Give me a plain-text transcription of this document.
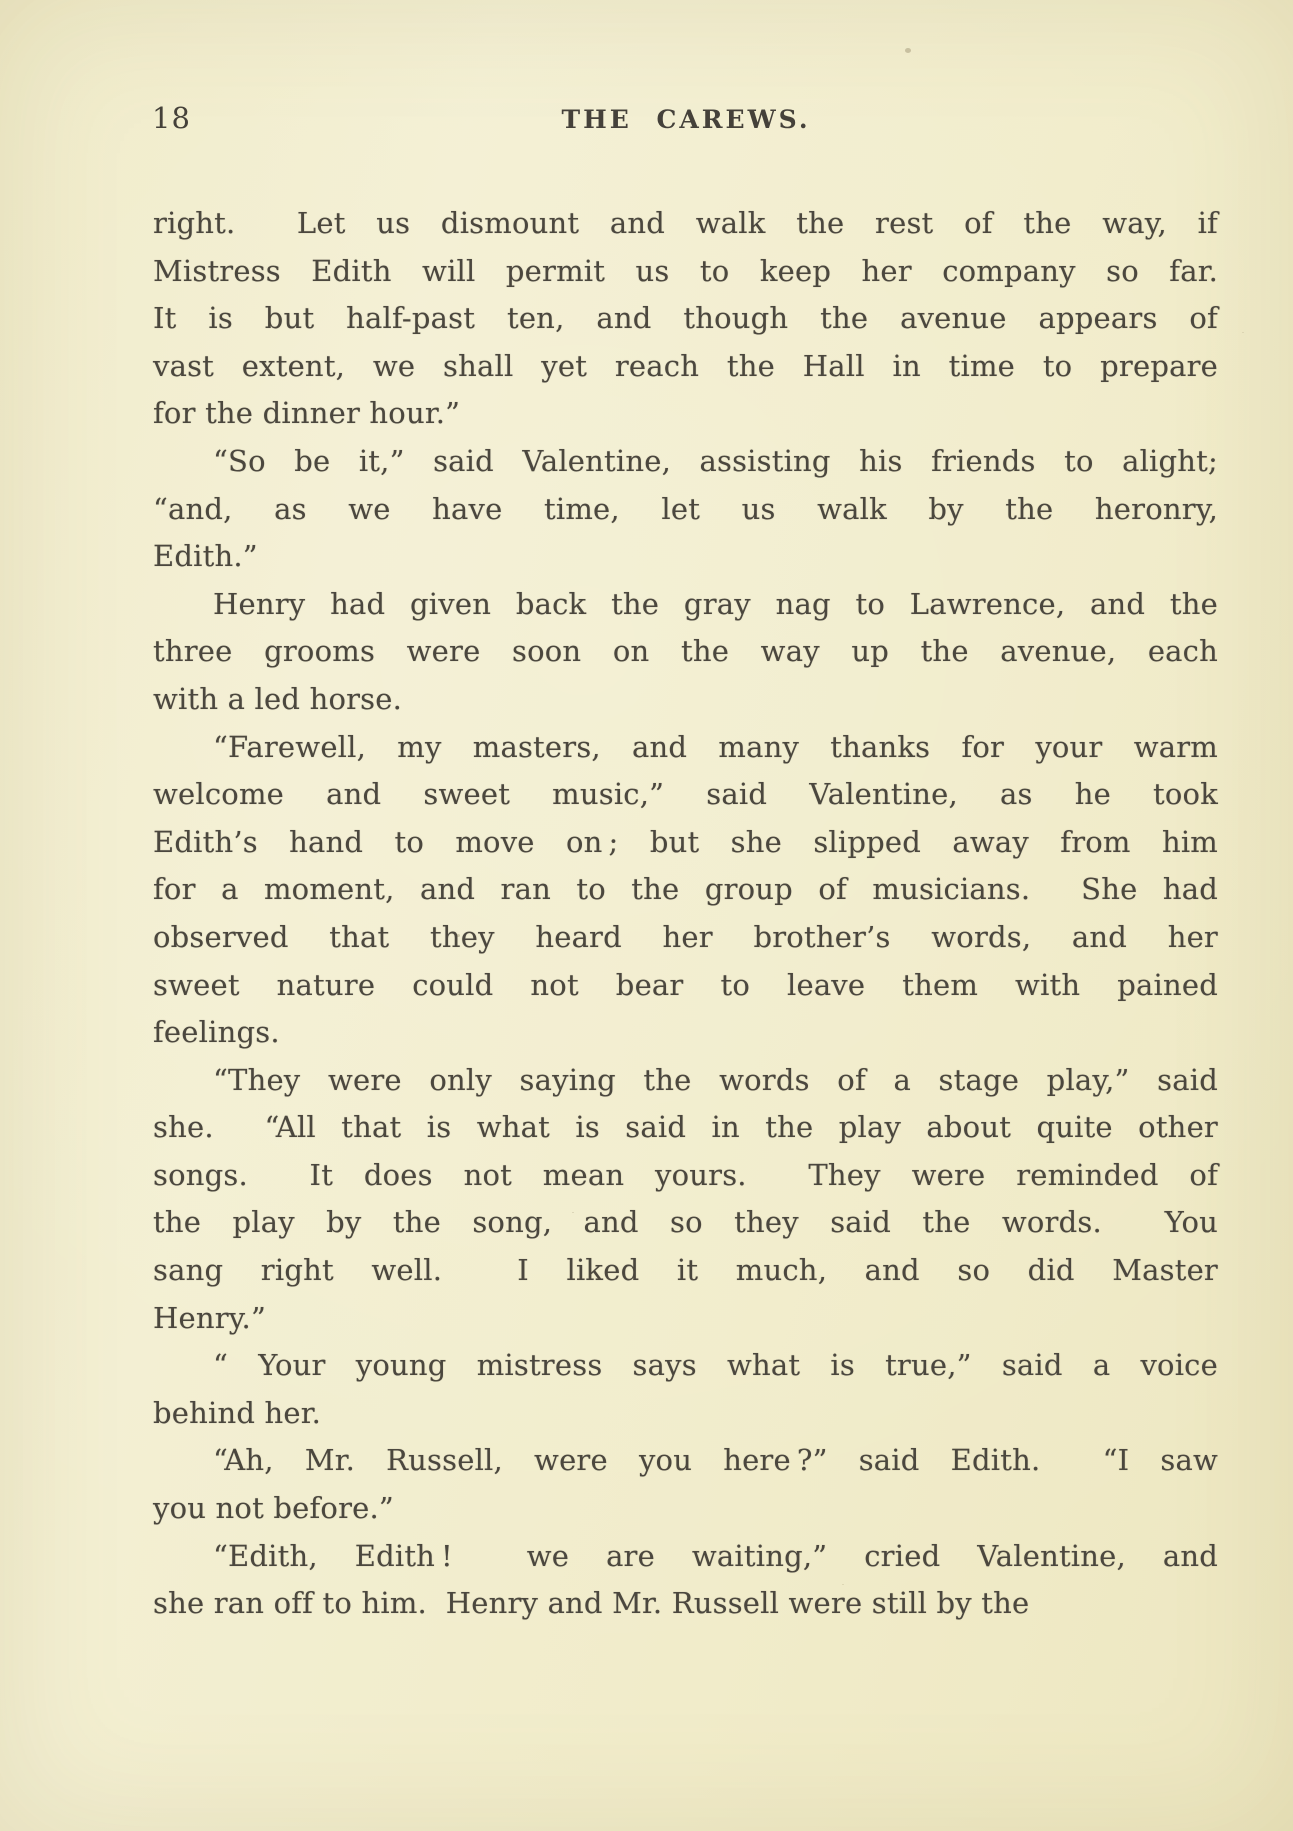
18	THE CAREWS.
right.  Let us dismount and walk the rest of the way, if
Mistress Edith will permit us to keep her company so far.
It is but half-past ten, and though the avenue appears of
vast extent, we shall yet reach the Hall in time to prepare
for the dinner hour.”
“So be it,” said Valentine, assisting his friends to alight;
“and, as we have time, let us walk by the heronry,
Edith.”
Henry had given back the gray nag to Lawrence, and the
three grooms were soon on the way up the avenue, each
with a led horse.
“Farewell, my masters, and many thanks for your warm
welcome and sweet music,” said Valentine, as he took
Edith’s hand to move on ; but she slipped away from him
for a moment, and ran to the group of musicians.  She had
observed that they heard her brother’s words, and her
sweet nature could not bear to leave them with pained
feelings.
“They were only saying the words of a stage play,” said
she.  “All that is what is said in the play about quite other
songs.  It does not mean yours.  They were reminded of
the play by the song, and so they said the words.  You
sang right well.  I liked it much, and so did Master
Henry.”
“ Your young mistress says what is true,” said a voice
behind her.
“Ah, Mr. Russell, were you here ?” said Edith.  “I saw
you not before.”
“Edith, Edith !  we are waiting,” cried Valentine, and
she ran off to him.  Henry and Mr. Russell were still by the
